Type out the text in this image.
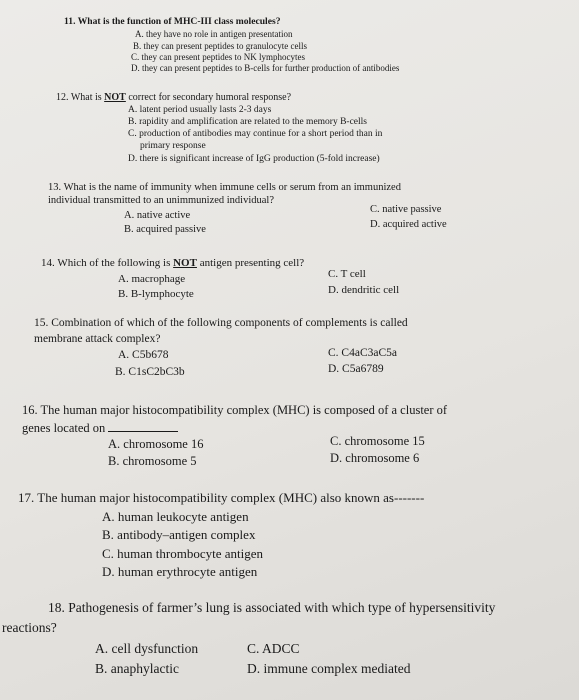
11. What is the function of MHC-III class molecules?
A. they have no role in antigen presentation
B. they can present peptides to granulocyte cells
C. they can present peptides to NK lymphocytes
D. they can present peptides to B-cells for further production of antibodies
12. What is NOT correct for secondary humoral response?
A. latent period usually lasts 2-3 days
B. rapidity and amplification are related to the memory B-cells
C. production of antibodies may continue for a short period than in
primary response
D. there is significant increase of IgG production (5-fold increase)
13. What is the name of immunity when immune cells or serum from an immunized
individual transmitted to an unimmunized individual?
A. native active
B. acquired passive
C. native passive
D. acquired active
14. Which of the following is NOT antigen presenting cell?
A. macrophage
B. B-lymphocyte
C. T cell
D. dendritic cell
15. Combination of which of the following components of complements is called
membrane attack complex?
A. C5b678
B. C1sC2bC3b
C. C4aC3aC5a
D. C5a6789
16. The human major histocompatibility complex (MHC) is composed of a cluster of
genes located on
A. chromosome 16
B. chromosome 5
C. chromosome 15
D. chromosome 6
17. The human major histocompatibility complex (MHC) also known as-------
A. human leukocyte antigen
B. antibody–antigen complex
C. human thrombocyte antigen
D. human erythrocyte antigen
18. Pathogenesis of farmer’s lung is associated with which type of hypersensitivity
reactions?
A. cell dysfunction
B. anaphylactic
C. ADCC
D. immune complex mediated
